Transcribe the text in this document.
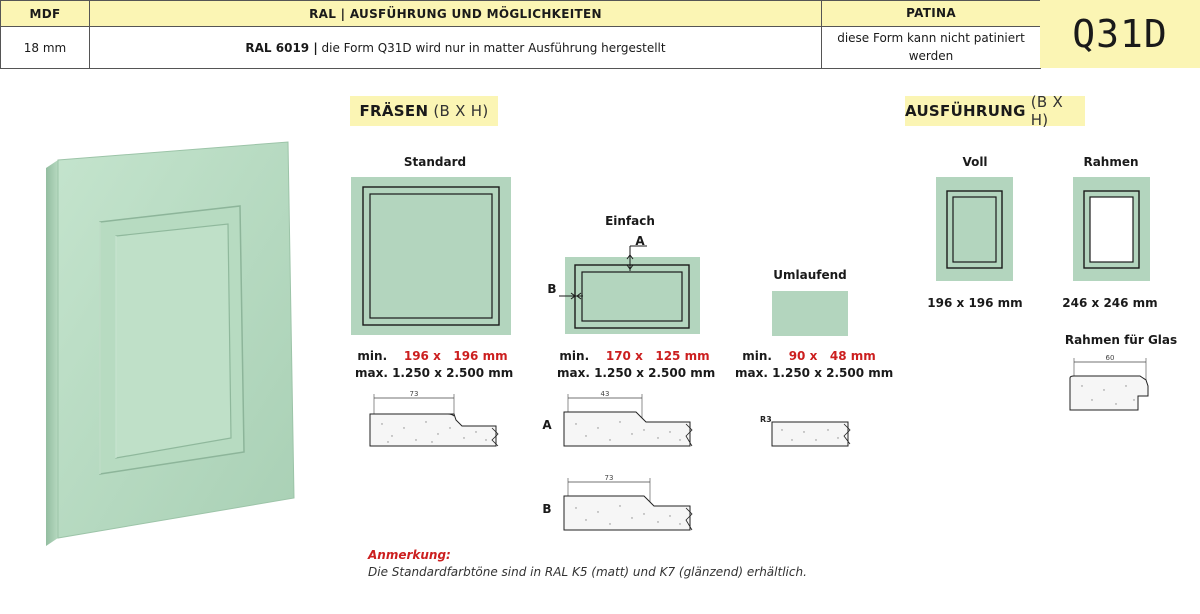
MDF	RAL | AUSFÜHRUNG UND MÖGLICHKEITEN	PATINA
18 mm	RAL 6019 | die Form Q31D wird nur in matter Ausführung hergestellt	diese Form kann nicht patiniert
werden	Q31D
FRÄSEN (B X H)
Standard
min. 196 x 196 mm
max. 1.250 x 2.500 mm
Einfach
A
B
min. 170 x 125 mm
max. 1.250 x 2.500 mm
Umlaufend
min. 90 x 48 mm
max. 1.250 x 2.500 mm
73
A
43
B
73
R3
AUSFÜHRUNG (B X H)
Voll
196 x 196 mm
Rahmen
246 x 246 mm
Rahmen für Glas
60
Anmerkung:
Die Standardfarbtöne sind in RAL K5 (matt) und K7 (glänzend) erhältlich.
